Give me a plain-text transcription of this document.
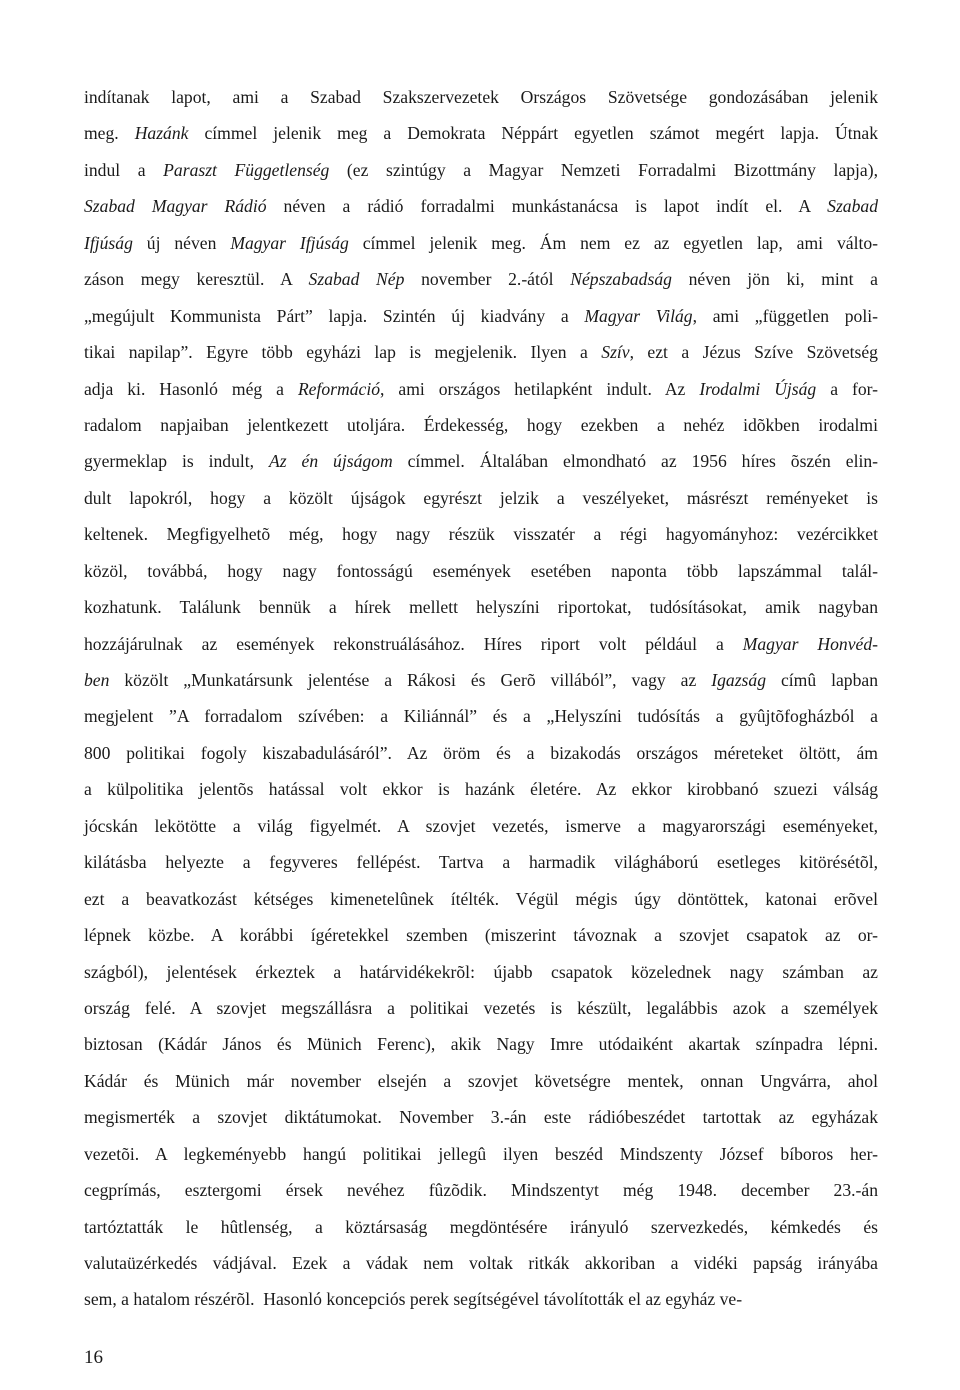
indítanak lapot, ami a Szabad Szakszervezetek Országos Szövetsége gondozásában jelenik
meg. Hazánk címmel jelenik meg a Demokrata Néppárt egyetlen számot megért lapja. Útnak
indul a Paraszt Függetlenség (ez szintúgy a Magyar Nemzeti Forradalmi Bizottmány lapja),
Szabad Magyar Rádió néven a rádió forradalmi munkástanácsa is lapot indít el. A Szabad
Ifjúság új néven Magyar Ifjúság címmel jelenik meg. Ám nem ez az egyetlen lap, ami válto-
záson megy keresztül. A Szabad Nép november 2.-ától Népszabadság néven jön ki, mint a
„megújult Kommunista Párt” lapja. Szintén új kiadvány a Magyar Világ, ami „független poli-
tikai napilap”. Egyre több egyházi lap is megjelenik. Ilyen a Szív, ezt a Jézus Szíve Szövetség
adja ki. Hasonló még a Reformáció, ami országos hetilapként indult. Az Irodalmi Újság a for-
radalom napjaiban jelentkezett utoljára. Érdekesség, hogy ezekben a nehéz idõkben irodalmi
gyermeklap is indult, Az én újságom címmel. Általában elmondható az 1956 híres õszén elin-
dult lapokról, hogy a közölt újságok egyrészt jelzik a veszélyeket, másrészt reményeket is
keltenek. Megfigyelhetõ még, hogy nagy részük visszatér a régi hagyományhoz: vezércikket
közöl, továbbá, hogy nagy fontosságú események esetében naponta több lapszámmal talál-
kozhatunk. Találunk bennük a hírek mellett helyszíni riportokat, tudósításokat, amik nagyban
hozzájárulnak az események rekonstruálásához. Híres riport volt például a Magyar Honvéd-
ben közölt „Munkatársunk jelentése a Rákosi és Gerõ villából”, vagy az Igazság címû lapban
megjelent ”A forradalom szívében: a Kiliánnál” és a „Helyszíni tudósítás a gyûjtõfogházból a
800 politikai fogoly kiszabadulásáról”. Az öröm és a bizakodás országos méreteket öltött, ám
a külpolitika jelentõs hatással volt ekkor is hazánk életére. Az ekkor kirobbanó szuezi válság
jócskán lekötötte a világ figyelmét. A szovjet vezetés, ismerve a magyarországi eseményeket,
kilátásba helyezte a fegyveres fellépést. Tartva a harmadik világháború esetleges kitörésétõl,
ezt a beavatkozást kétséges kimenetelûnek ítélték. Végül mégis úgy döntöttek, katonai erõvel
lépnek közbe. A korábbi ígéretekkel szemben (miszerint távoznak a szovjet csapatok az or-
szágból), jelentések érkeztek a határvidékekrõl: újabb csapatok közelednek nagy számban az
ország felé. A szovjet megszállásra a politikai vezetés is készült, legalábbis azok a személyek
biztosan (Kádár János és Münich Ferenc), akik Nagy Imre utódaiként akartak színpadra lépni.
Kádár és Münich már november elsején a szovjet követségre mentek, onnan Ungvárra, ahol
megismerték a szovjet diktátumokat. November 3.-án este rádióbeszédet tartottak az egyházak
vezetõi. A legkeményebb hangú politikai jellegû ilyen beszéd Mindszenty József bíboros her-
cegprímás, esztergomi érsek nevéhez fûzõdik. Mindszentyt még 1948. december 23.-án
tartóztatták le hûtlenség, a köztársaság megdöntésére irányuló szervezkedés, kémkedés és
valutaüzérkedés vádjával. Ezek a vádak nem voltak ritkák akkoriban a vidéki papság irányába
sem, a hatalom részérõl.  Hasonló koncepciós perek segítségével távolították el az egyház ve-
16
